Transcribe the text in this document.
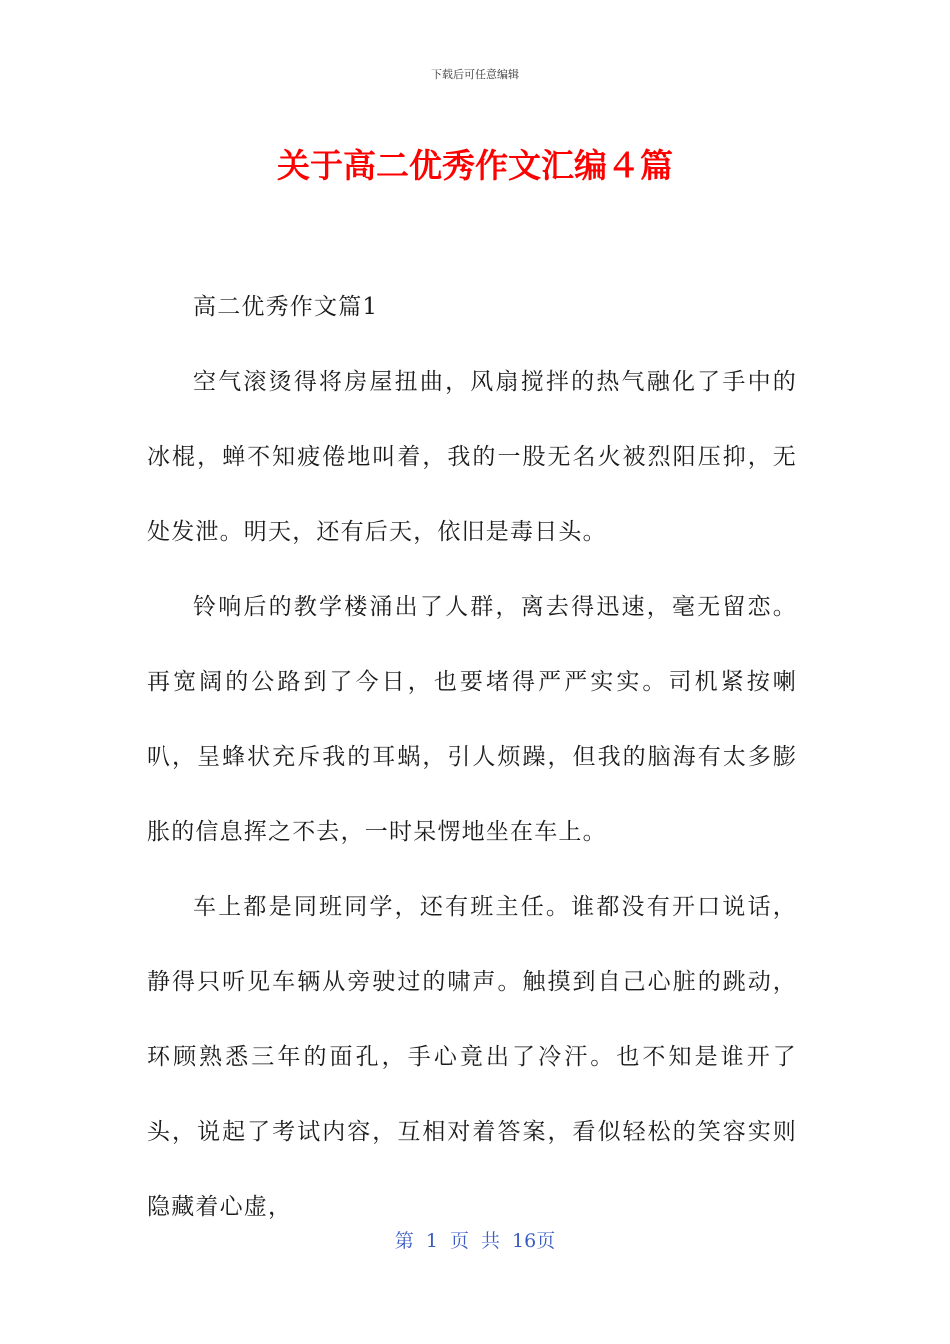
下载后可任意编辑
关于高二优秀作文汇编４篇

高二优秀作文篇1

空气滚烫得将房屋扭曲，风扇搅拌的热气融化了手中的冰棍，蝉不知疲倦地叫着，我的一股无名火被烈阳压抑，无处发泄。明天，还有后天，依旧是毒日头。

铃响后的教学楼涌出了人群，离去得迅速，毫无留恋。再宽阔的公路到了今日，也要堵得严严实实。司机紧按喇叭，呈蜂状充斥我的耳蜗，引人烦躁，但我的脑海有太多膨胀的信息挥之不去，一时呆愣地坐在车上。

车上都是同班同学，还有班主任。谁都没有开口说话，静得只听见车辆从旁驶过的啸声。触摸到自己心脏的跳动，环顾熟悉三年的面孔，手心竟出了冷汗。也不知是谁开了头，说起了考试内容，互相对着答案，看似轻松的笑容实则隐藏着心虚，

第 1 页 共 16页
